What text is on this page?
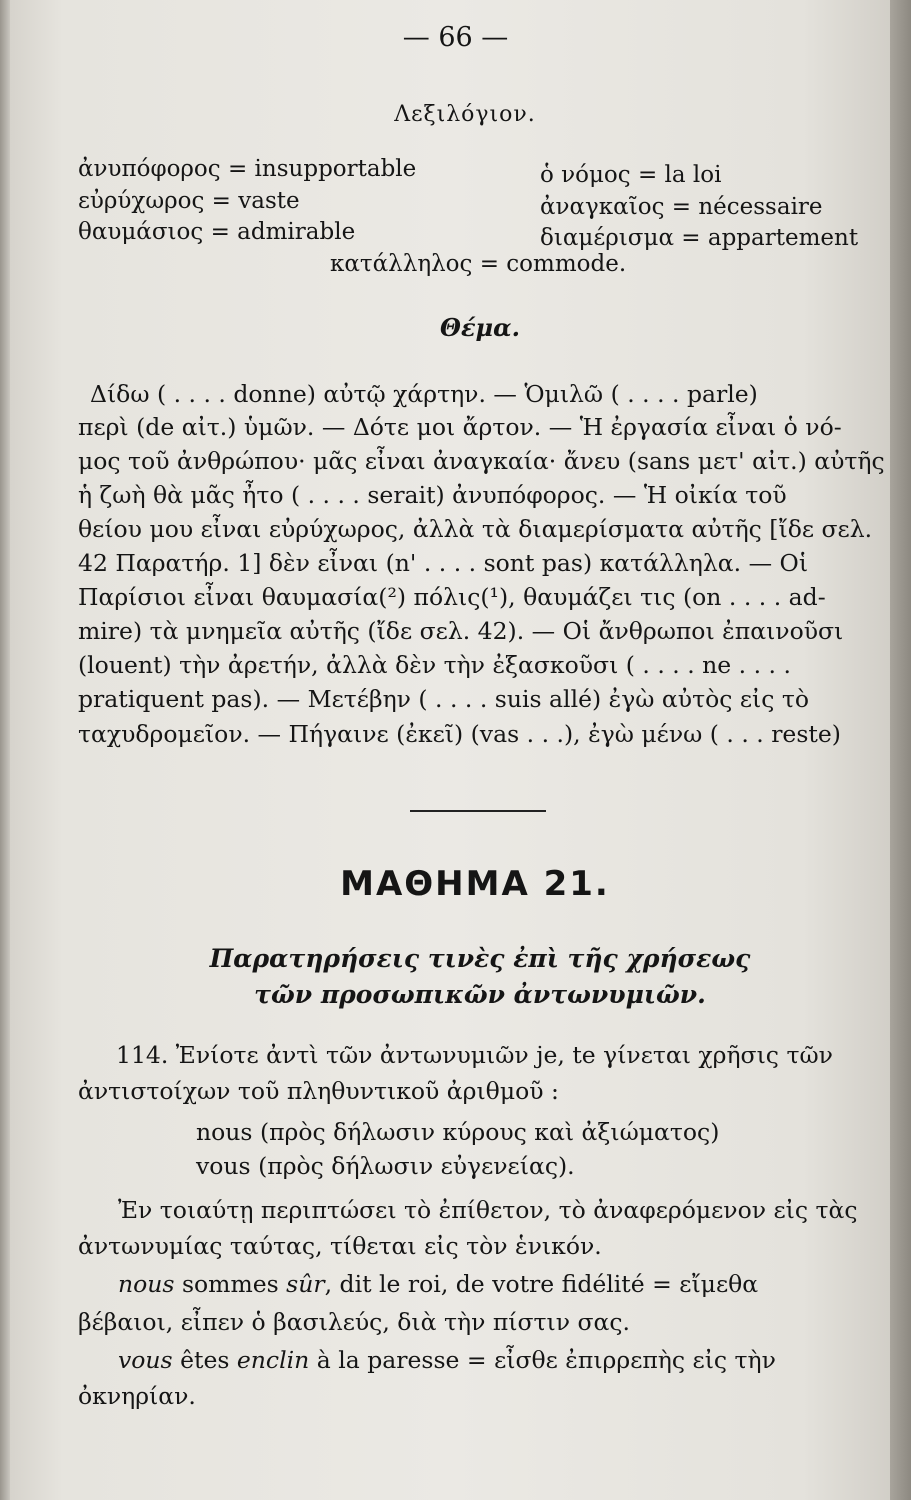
— 66 —
Λεξιλόγιον.
ἀνυπόφορος = insupportable
εὐρύχωρος = vaste
θαυμάσιος = admirable
ὁ νόμος = la loi
ἀναγκαῖος = nécessaire
διαμέρισμα = appartement
κατάλληλος = commode.
Θέμα.
Δίδω ( . . . . donne) αὐτῷ χάρτην. — Ὁμιλῶ ( . . . . parle)
περὶ (de αἰτ.) ὑμῶν. — Δότε μοι ἄρτον. — Ἡ ἐργασία εἶναι ὁ νό-
μος τοῦ ἀνθρώπου· μᾶς εἶναι ἀναγκαία· ἄνευ (sans μετ' αἰτ.) αὐτῆς
ἡ ζωὴ θὰ μᾶς ἦτο ( . . . . serait) ἀνυπόφορος. — Ἡ οἰκία τοῦ
θείου μου εἶναι εὐρύχωρος, ἀλλὰ τὰ διαμερίσματα αὐτῆς [ἴδε σελ.
42 Παρατήρ. 1] δὲν εἶναι (n' . . . . sont pas) κατάλληλα. — Οἱ
Παρίσιοι εἶναι θαυμασία(²) πόλις(¹), θαυμάζει τις (on . . . . ad-
mire) τὰ μνημεῖα αὐτῆς (ἴδε σελ. 42). — Οἱ ἄνθρωποι ἐπαινοῦσι
(louent) τὴν ἀρετήν, ἀλλὰ δὲν τὴν ἐξασκοῦσι ( . . . . ne . . . .
pratiquent pas). — Μετέβην ( . . . . suis allé) ἐγὼ αὐτὸς εἰς τὸ
ταχυδρομεῖον. — Πήγαινε (ἐκεῖ) (vas . . .), ἐγὼ μένω ( . . . reste)
ΜΑΘΗΜΑ 21.
Παρατηρήσεις τινὲς ἐπὶ τῆς χρήσεως
τῶν προσωπικῶν ἀντωνυμιῶν.
114. Ἐνίοτε ἀντὶ τῶν ἀντωνυμιῶν je, te γίνεται χρῆσις τῶν
ἀντιστοίχων τοῦ πληθυντικοῦ ἀριθμοῦ :
nous (πρὸς δήλωσιν κύρους καὶ ἀξιώματος)
vous (πρὸς δήλωσιν εὐγενείας).
Ἐν τοιαύτῃ περιπτώσει τὸ ἐπίθετον, τὸ ἀναφερόμενον εἰς τὰς
ἀντωνυμίας ταύτας, τίθεται εἰς τὸν ἑνικόν.
nous sommes sûr, dit le roi, de votre fidélité = εἴμεθα
βέβαιοι, εἶπεν ὁ βασιλεύς, διὰ τὴν πίστιν σας.
vous êtes enclin à la paresse = εἶσθε ἐπιρρεπὴς εἰς τὴν
ὀκνηρίαν.
